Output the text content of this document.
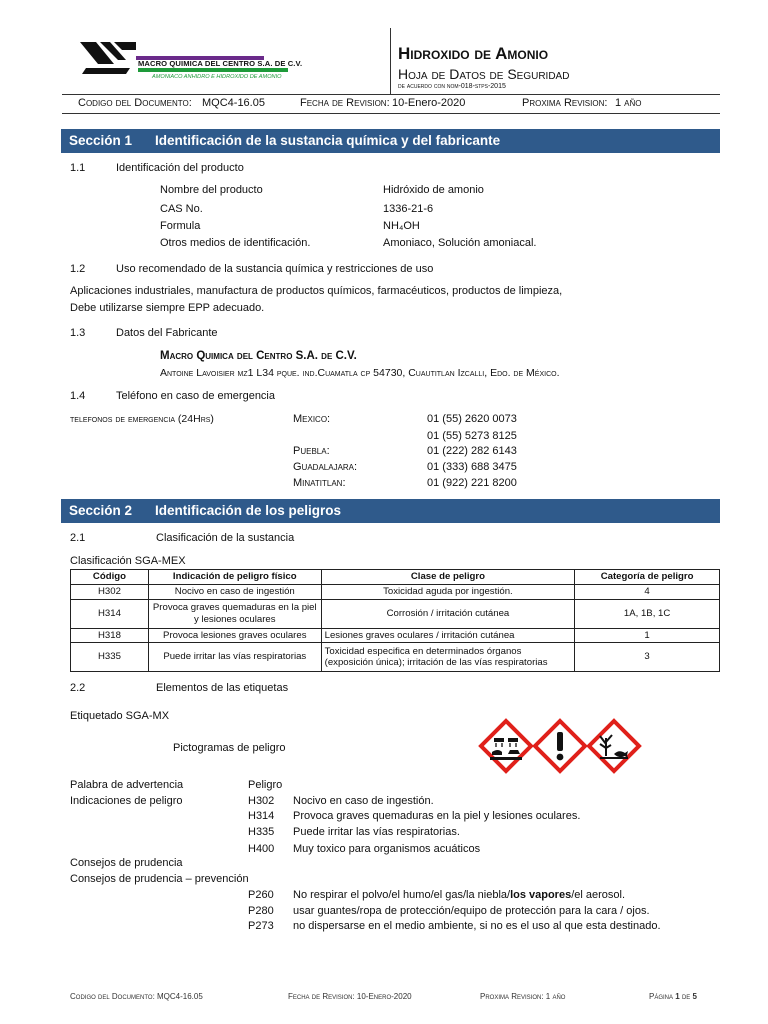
MACRO QUIMICA DEL CENTRO S.A. DE C.V.
AMONIACO ANHIDRO E HIDROXIDO DE AMONIO
Hidroxido de Amonio
Hoja de Datos de Seguridad
de acuerdo con nom-018-stps-2015
Codigo del Documento: MQC4-16.05	Fecha de Revision: 10-Enero-2020	Proxima Revision: 1 año
Sección 1 Identificación de la sustancia química y del fabricante
1.1	Identificación del producto
Nombre del producto	Hidróxido de amonio
CAS No.	1336-21-6
Formula	NH₄OH
Otros medios de identificación.	Amoniaco, Solución amoniacal.
1.2	Uso recomendado de la sustancia química y restricciones de uso
Aplicaciones industriales, manufactura de productos químicos, farmacéuticos, productos de limpieza,
Debe utilizarse siempre EPP adecuado.
1.3	Datos del Fabricante
Macro Quimica del Centro S.A. de C.V.
Antoine Lavoisier mz1 L34 pque. ind.Cuamatla cp 54730, Cuautitlan Izcalli, Edo. de México.
1.4	Teléfono en caso de emergencia
telefonos de emergencia (24Hrs)	Mexico:	01 (55) 2620 0073
01 (55) 5273 8125
Puebla:	01 (222) 282 6143
Guadalajara:	01 (333) 688 3475
Minatitlan:	01 (922) 221 8200
Sección 2 Identificación de los peligros
2.1	Clasificación de la sustancia
Clasificación SGA-MEX
Código	Indicación de peligro físico	Clase de peligro	Categoría de peligro
H302	Nocivo en caso de ingestión	Toxicidad aguda por ingestión.	4
H314	Provoca graves quemaduras en la piel y lesiones oculares	Corrosión / irritación cutánea	1A, 1B, 1C
H318	Provoca lesiones graves oculares	Lesiones graves oculares / irritación cutánea	1
H335	Puede irritar las vías respiratorias	Toxicidad especifica en determinados órganos (exposición única); irritación de las vías respiratorias	3
2.2	Elementos de las etiquetas
Etiquetado SGA-MX
Pictogramas de peligro
Palabra de advertencia	Peligro
Indicaciones de peligro	H302 Nocivo en caso de ingestión.
H314 Provoca graves quemaduras en la piel y lesiones oculares.
H335 Puede irritar las vías respiratorias.
H400 Muy toxico para organismos acuáticos
Consejos de prudencia
Consejos de prudencia – prevención
P260 No respirar el polvo/el humo/el gas/la niebla/los vapores/el aerosol.
P280 usar guantes/ropa de protección/equipo de protección para la cara / ojos.
P273 no dispersarse en el medio ambiente, si no es el uso al que esta destinado.
Codigo del Documento: MQC4-16.05	Fecha de Revision: 10-Enero-2020	Proxima Revision: 1 año	Página 1 de 5
